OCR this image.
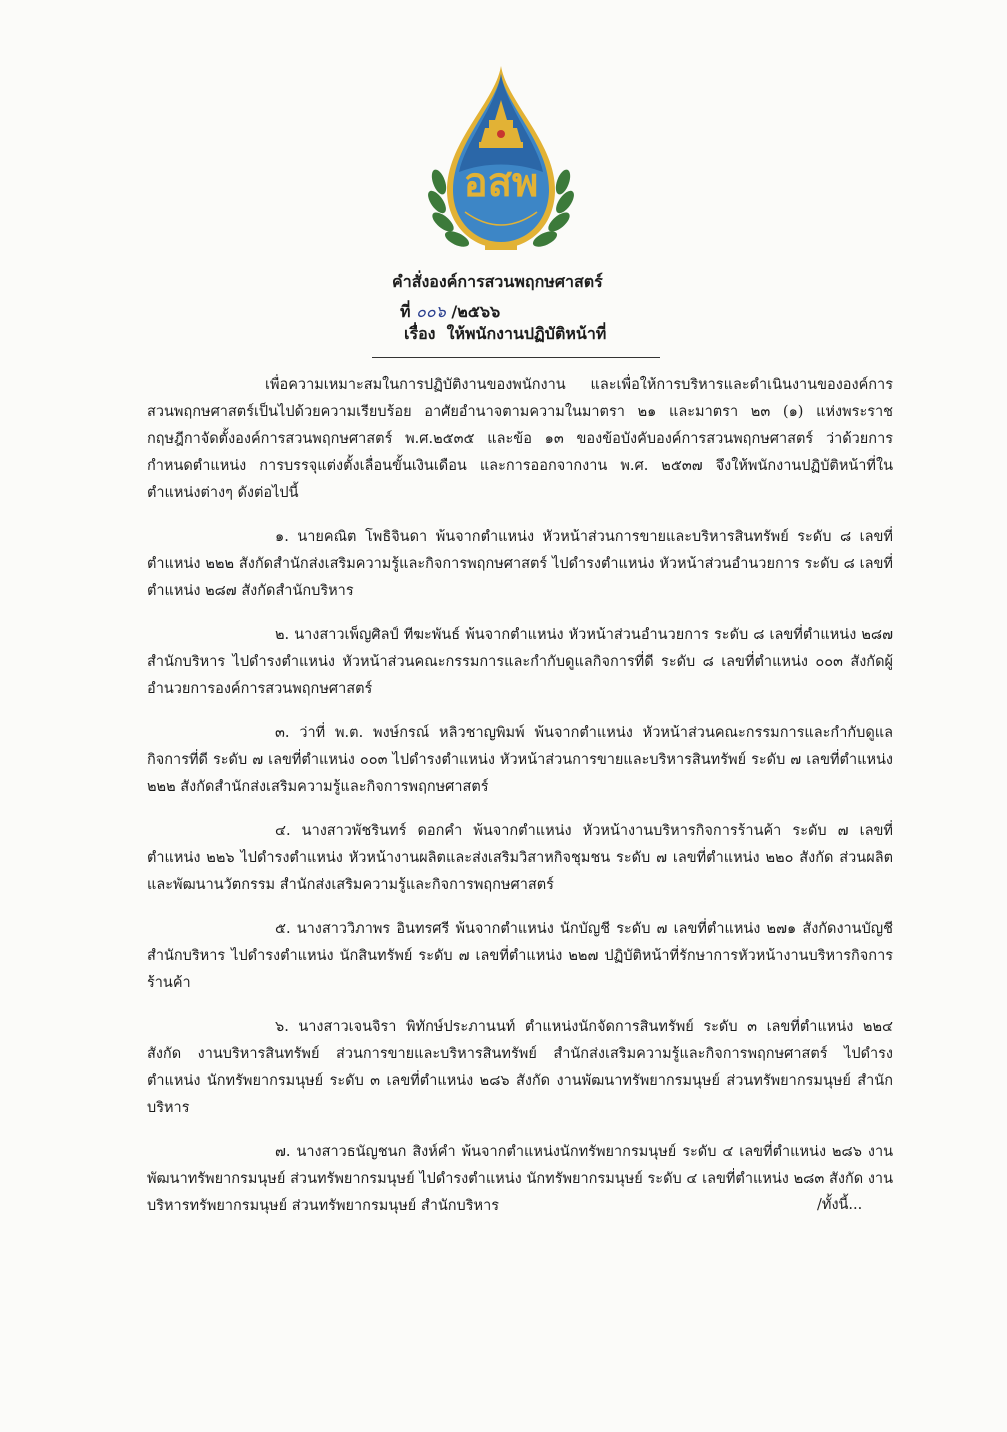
อสพ
คำสั่งองค์การสวนพฤกษศาสตร์
ที่ ๐๐๖ /๒๕๖๖
เรื่อง ให้พนักงานปฏิบัติหน้าที่

เพื่อความเหมาะสมในการปฏิบัติงานของพนักงาน และเพื่อให้การบริหารและดำเนินงานขององค์การสวนพฤกษศาสตร์เป็นไปด้วยความเรียบร้อย อาศัยอำนาจตามความในมาตรา ๒๑ และมาตรา ๒๓ (๑) แห่งพระราชกฤษฎีกาจัดตั้งองค์การสวนพฤกษศาสตร์ พ.ศ.๒๕๓๕ และข้อ ๑๓ ของข้อบังคับองค์การสวนพฤกษศาสตร์ ว่าด้วยการกำหนดตำแหน่ง การบรรจุแต่งตั้งเลื่อนขั้นเงินเดือน และการออกจากงาน พ.ศ. ๒๕๓๗ จึงให้พนักงานปฏิบัติหน้าที่ในตำแหน่งต่างๆ ดังต่อไปนี้

๑. นายคณิต โพธิจินดา พ้นจากตำแหน่ง หัวหน้าส่วนการขายและบริหารสินทรัพย์ ระดับ ๘ เลขที่ตำแหน่ง ๒๒๒ สังกัดสำนักส่งเสริมความรู้และกิจการพฤกษศาสตร์ ไปดำรงตำแหน่ง หัวหน้าส่วนอำนวยการ ระดับ ๘ เลขที่ตำแหน่ง ๒๘๗ สังกัดสำนักบริหาร

๒. นางสาวเพ็ญศิลป์ ทีฆะพันธ์ พ้นจากตำแหน่ง หัวหน้าส่วนอำนวยการ ระดับ ๘ เลขที่ตำแหน่ง ๒๘๗ สำนักบริหาร ไปดำรงตำแหน่ง หัวหน้าส่วนคณะกรรมการและกำกับดูแลกิจการที่ดี ระดับ ๘ เลขที่ตำแหน่ง ๐๐๓ สังกัดผู้อำนวยการองค์การสวนพฤกษศาสตร์

๓. ว่าที่ พ.ต. พงษ์กรณ์ หลิวชาญพิมพ์ พ้นจากตำแหน่ง หัวหน้าส่วนคณะกรรมการและกำกับดูแลกิจการที่ดี ระดับ ๗ เลขที่ตำแหน่ง ๐๐๓ ไปดำรงตำแหน่ง หัวหน้าส่วนการขายและบริหารสินทรัพย์ ระดับ ๗ เลขที่ตำแหน่ง ๒๒๒ สังกัดสำนักส่งเสริมความรู้และกิจการพฤกษศาสตร์

๔. นางสาวพัชรินทร์ ดอกคำ พ้นจากตำแหน่ง หัวหน้างานบริหารกิจการร้านค้า ระดับ ๗ เลขที่ตำแหน่ง ๒๒๖ ไปดำรงตำแหน่ง หัวหน้างานผลิตและส่งเสริมวิสาหกิจชุมชน ระดับ ๗ เลขที่ตำแหน่ง ๒๒๐ สังกัด ส่วนผลิตและพัฒนานวัตกรรม สำนักส่งเสริมความรู้และกิจการพฤกษศาสตร์

๕. นางสาววิภาพร อินทรศรี พ้นจากตำแหน่ง นักบัญชี ระดับ ๗ เลขที่ตำแหน่ง ๒๗๑ สังกัดงานบัญชี สำนักบริหาร ไปดำรงตำแหน่ง นักสินทรัพย์ ระดับ ๗ เลขที่ตำแหน่ง ๒๒๗ ปฏิบัติหน้าที่รักษาการหัวหน้างานบริหารกิจการร้านค้า

๖. นางสาวเจนจิรา พิทักษ์ประภานนท์ ตำแหน่งนักจัดการสินทรัพย์ ระดับ ๓ เลขที่ตำแหน่ง ๒๒๔ สังกัด งานบริหารสินทรัพย์ ส่วนการขายและบริหารสินทรัพย์ สำนักส่งเสริมความรู้และกิจการพฤกษศาสตร์ ไปดำรงตำแหน่ง นักทรัพยากรมนุษย์ ระดับ ๓ เลขที่ตำแหน่ง ๒๘๖ สังกัด งานพัฒนาทรัพยากรมนุษย์ ส่วนทรัพยากรมนุษย์ สำนักบริหาร

๗. นางสาวธนัญชนก สิงห์คำ พ้นจากตำแหน่งนักทรัพยากรมนุษย์ ระดับ ๔ เลขที่ตำแหน่ง ๒๘๖ งานพัฒนาทรัพยากรมนุษย์ ส่วนทรัพยากรมนุษย์ ไปดำรงตำแหน่ง นักทรัพยากรมนุษย์ ระดับ ๔ เลขที่ตำแหน่ง ๒๘๓ สังกัด งานบริหารทรัพยากรมนุษย์ ส่วนทรัพยากรมนุษย์ สำนักบริหาร	/ทั้งนี้...
